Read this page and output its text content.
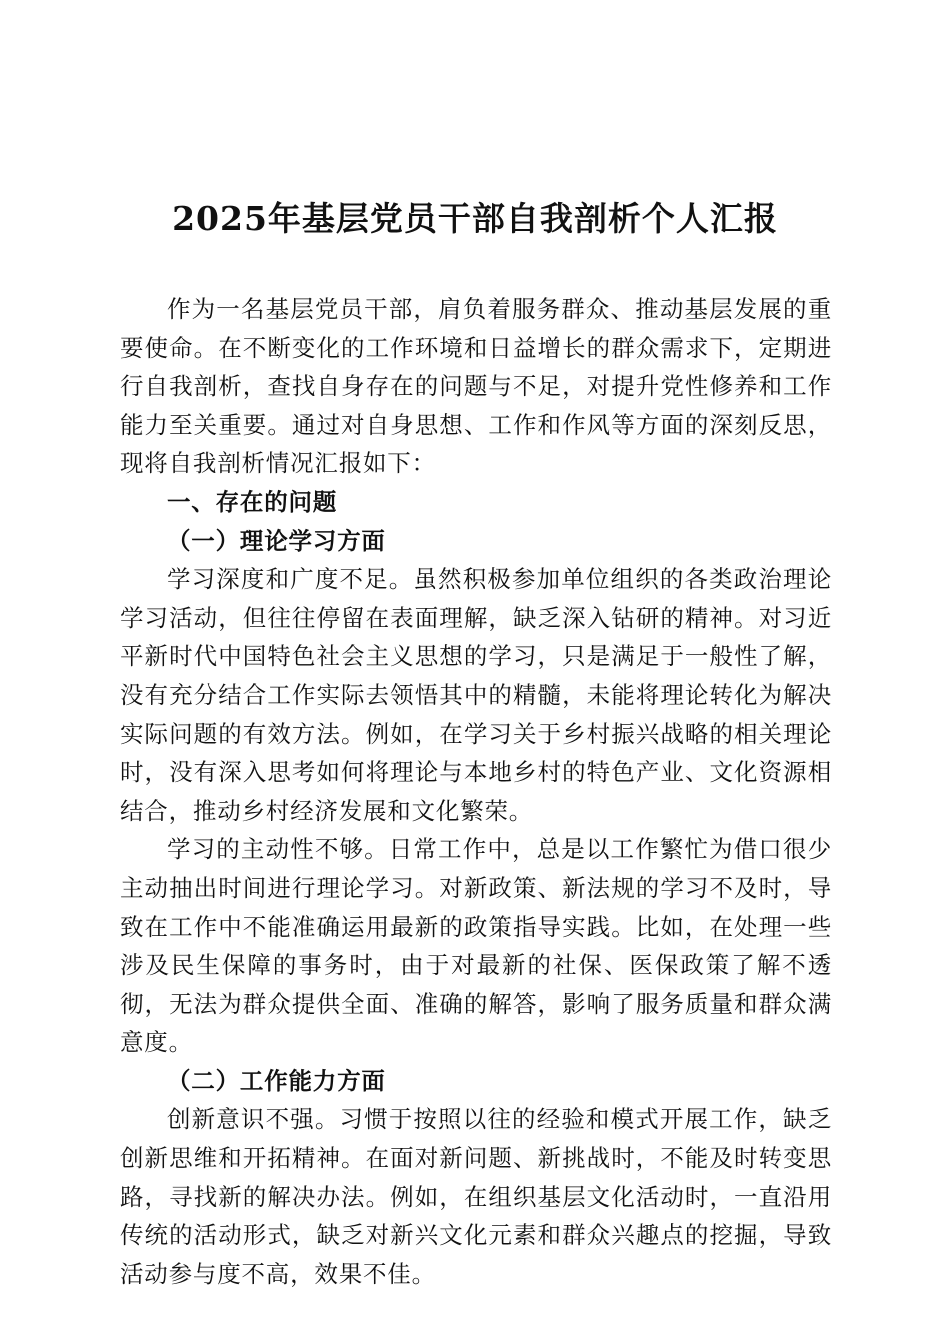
2025年基层党员干部自我剖析个人汇报

作为一名基层党员干部，肩负着服务群众、推动基层发展的重要使命。在不断变化的工作环境和日益增长的群众需求下，定期进行自我剖析，查找自身存在的问题与不足，对提升党性修养和工作能力至关重要。通过对自身思想、工作和作风等方面的深刻反思，现将自我剖析情况汇报如下：

一、存在的问题

（一）理论学习方面

学习深度和广度不足。虽然积极参加单位组织的各类政治理论学习活动，但往往停留在表面理解，缺乏深入钻研的精神。对习近平新时代中国特色社会主义思想的学习，只是满足于一般性了解，没有充分结合工作实际去领悟其中的精髓，未能将理论转化为解决实际问题的有效方法。例如，在学习关于乡村振兴战略的相关理论时，没有深入思考如何将理论与本地乡村的特色产业、文化资源相结合，推动乡村经济发展和文化繁荣。

学习的主动性不够。日常工作中，总是以工作繁忙为借口很少主动抽出时间进行理论学习。对新政策、新法规的学习不及时，导致在工作中不能准确运用最新的政策指导实践。比如，在处理一些涉及民生保障的事务时，由于对最新的社保、医保政策了解不透彻，无法为群众提供全面、准确的解答，影响了服务质量和群众满意度。

（二）工作能力方面

创新意识不强。习惯于按照以往的经验和模式开展工作，缺乏创新思维和开拓精神。在面对新问题、新挑战时，不能及时转变思路，寻找新的解决办法。例如，在组织基层文化活动时，一直沿用传统的活动形式，缺乏对新兴文化元素和群众兴趣点的挖掘，导致活动参与度不高，效果不佳。
